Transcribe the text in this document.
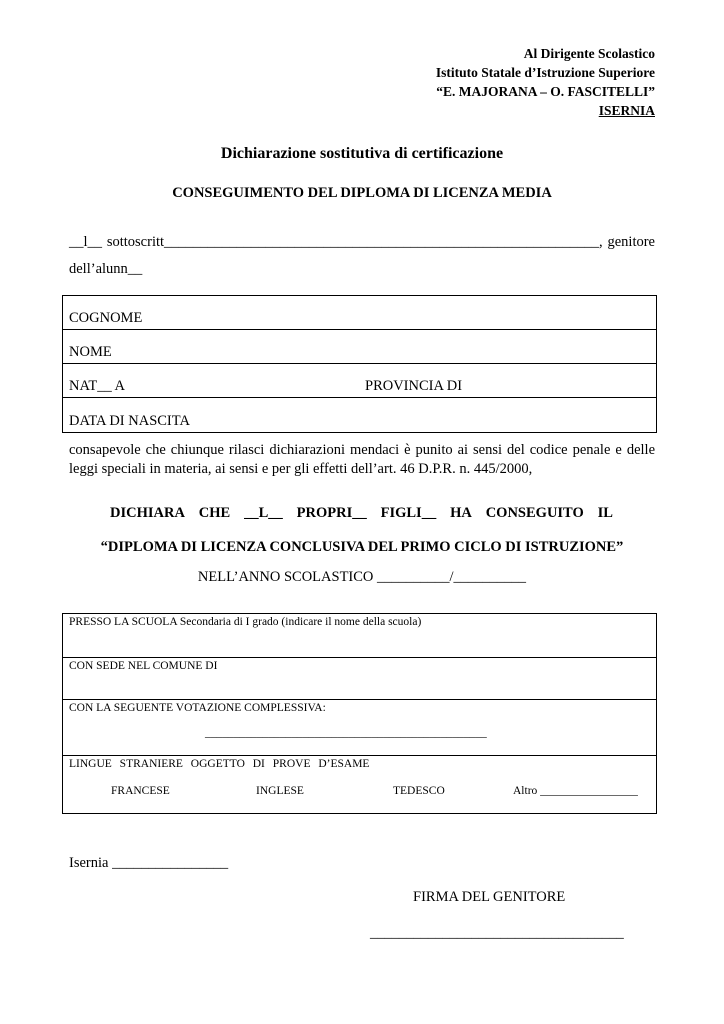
Al Dirigente Scolastico
Istituto Statale d’Istruzione Superiore
“E. MAJORANA – O. FASCITELLI”
ISERNIA
Dichiarazione sostitutiva di certificazione
CONSEGUIMENTO DEL DIPLOMA DI LICENZA MEDIA
__l__ sottoscritt____________________________________________________________, genitore
dell’alunn__
COGNOME
NOME
NAT__ A	PROVINCIA DI
DATA DI NASCITA
consapevole che chiunque rilasci dichiarazioni mendaci è punito ai sensi del codice penale e delle leggi speciali in materia, ai sensi e per gli effetti dell’art. 46 D.P.R. n. 445/2000,
DICHIARA CHE __L__ PROPRI__ FIGLI__ HA CONSEGUITO IL
“DIPLOMA DI LICENZA CONCLUSIVA DEL PRIMO CICLO DI ISTRUZIONE”
NELL’ANNO SCOLASTICO __________/__________
PRESSO LA SCUOLA Secondaria di I grado (indicare il nome della scuola)
CON SEDE NEL COMUNE DI
CON LA SEGUENTE VOTAZIONE COMPLESSIVA:
_________________________________________________
LINGUE STRANIERE OGGETTO DI PROVE D’ESAME
FRANCESE	INGLESE	TEDESCO	Altro _________________
Isernia ________________
FIRMA DEL GENITORE
___________________________________
